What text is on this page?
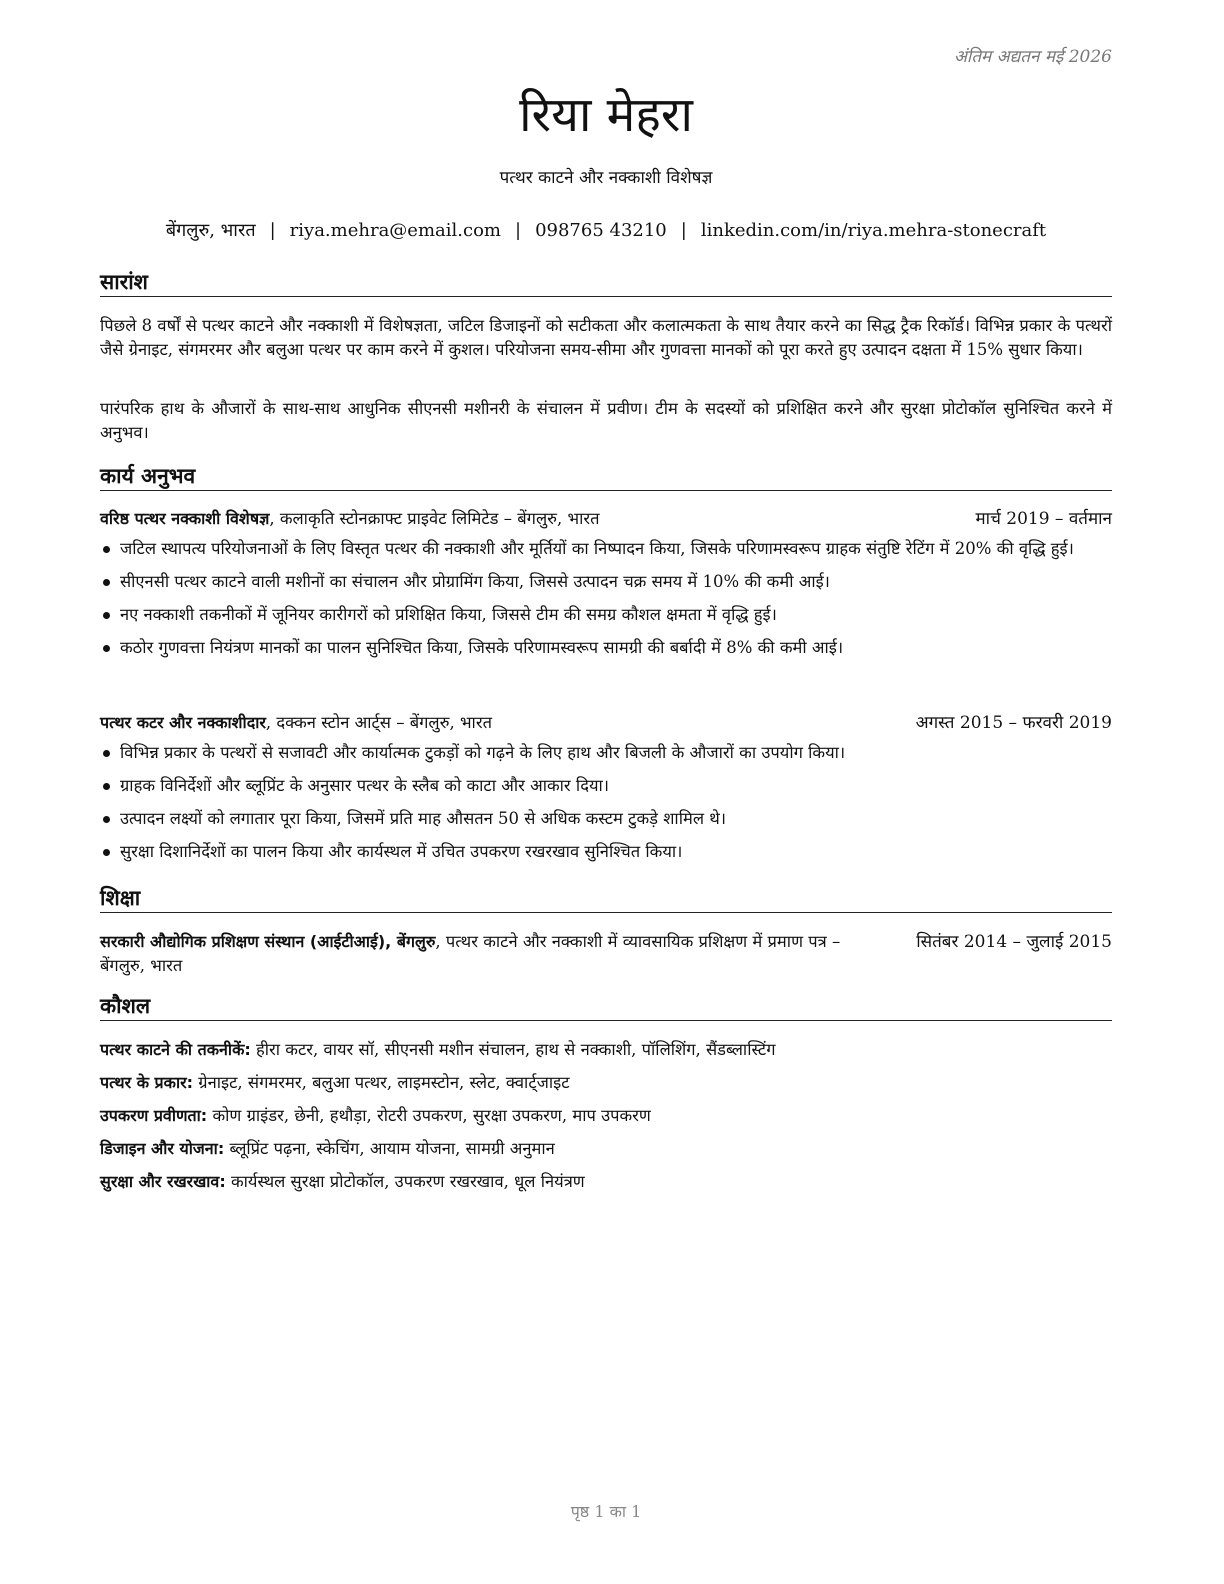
अंतिम अद्यतन मई 2026
रिया मेहरा
पत्थर काटने और नक्काशी विशेषज्ञ
बेंगलुरु, भारत | riya.mehra@email.com | 098765 43210 | linkedin.com/in/riya.mehra-stonecraft
सारांश
पिछले 8 वर्षों से पत्थर काटने और नक्काशी में विशेषज्ञता, जटिल डिजाइनों को सटीकता और कलात्मकता के साथ तैयार करने का सिद्ध ट्रैक रिकॉर्ड। विभिन्न प्रकार के पत्थरों जैसे ग्रेनाइट, संगमरमर और बलुआ पत्थर पर काम करने में कुशल। परियोजना समय-सीमा और गुणवत्ता मानकों को पूरा करते हुए उत्पादन दक्षता में 15% सुधार किया।
पारंपरिक हाथ के औजारों के साथ-साथ आधुनिक सीएनसी मशीनरी के संचालन में प्रवीण। टीम के सदस्यों को प्रशिक्षित करने और सुरक्षा प्रोटोकॉल सुनिश्चित करने में अनुभव।
कार्य अनुभव
वरिष्ठ पत्थर नक्काशी विशेषज्ञ, कलाकृति स्टोनक्राफ्ट प्राइवेट लिमिटेड – बेंगलुरु, भारत	मार्च 2019 – वर्तमान
जटिल स्थापत्य परियोजनाओं के लिए विस्तृत पत्थर की नक्काशी और मूर्तियों का निष्पादन किया, जिसके परिणामस्वरूप ग्राहक संतुष्टि रेटिंग में 20% की वृद्धि हुई।
सीएनसी पत्थर काटने वाली मशीनों का संचालन और प्रोग्रामिंग किया, जिससे उत्पादन चक्र समय में 10% की कमी आई।
नए नक्काशी तकनीकों में जूनियर कारीगरों को प्रशिक्षित किया, जिससे टीम की समग्र कौशल क्षमता में वृद्धि हुई।
कठोर गुणवत्ता नियंत्रण मानकों का पालन सुनिश्चित किया, जिसके परिणामस्वरूप सामग्री की बर्बादी में 8% की कमी आई।
पत्थर कटर और नक्काशीदार, दक्कन स्टोन आर्ट्स – बेंगलुरु, भारत	अगस्त 2015 – फरवरी 2019
विभिन्न प्रकार के पत्थरों से सजावटी और कार्यात्मक टुकड़ों को गढ़ने के लिए हाथ और बिजली के औजारों का उपयोग किया।
ग्राहक विनिर्देशों और ब्लूप्रिंट के अनुसार पत्थर के स्लैब को काटा और आकार दिया।
उत्पादन लक्ष्यों को लगातार पूरा किया, जिसमें प्रति माह औसतन 50 से अधिक कस्टम टुकड़े शामिल थे।
सुरक्षा दिशानिर्देशों का पालन किया और कार्यस्थल में उचित उपकरण रखरखाव सुनिश्चित किया।
शिक्षा
सरकारी औद्योगिक प्रशिक्षण संस्थान (आईटीआई), बेंगलुरु, पत्थर काटने और नक्काशी में व्यावसायिक प्रशिक्षण में प्रमाण पत्र – बेंगलुरु, भारत
सितंबर 2014 – जुलाई 2015
कौशल
पत्थर काटने की तकनीकें: हीरा कटर, वायर सॉ, सीएनसी मशीन संचालन, हाथ से नक्काशी, पॉलिशिंग, सैंडब्लास्टिंग
पत्थर के प्रकार: ग्रेनाइट, संगमरमर, बलुआ पत्थर, लाइमस्टोन, स्लेट, क्वार्ट्जाइट
उपकरण प्रवीणता: कोण ग्राइंडर, छेनी, हथौड़ा, रोटरी उपकरण, सुरक्षा उपकरण, माप उपकरण
डिजाइन और योजना: ब्लूप्रिंट पढ़ना, स्केचिंग, आयाम योजना, सामग्री अनुमान
सुरक्षा और रखरखाव: कार्यस्थल सुरक्षा प्रोटोकॉल, उपकरण रखरखाव, धूल नियंत्रण
पृष्ठ 1 का 1
